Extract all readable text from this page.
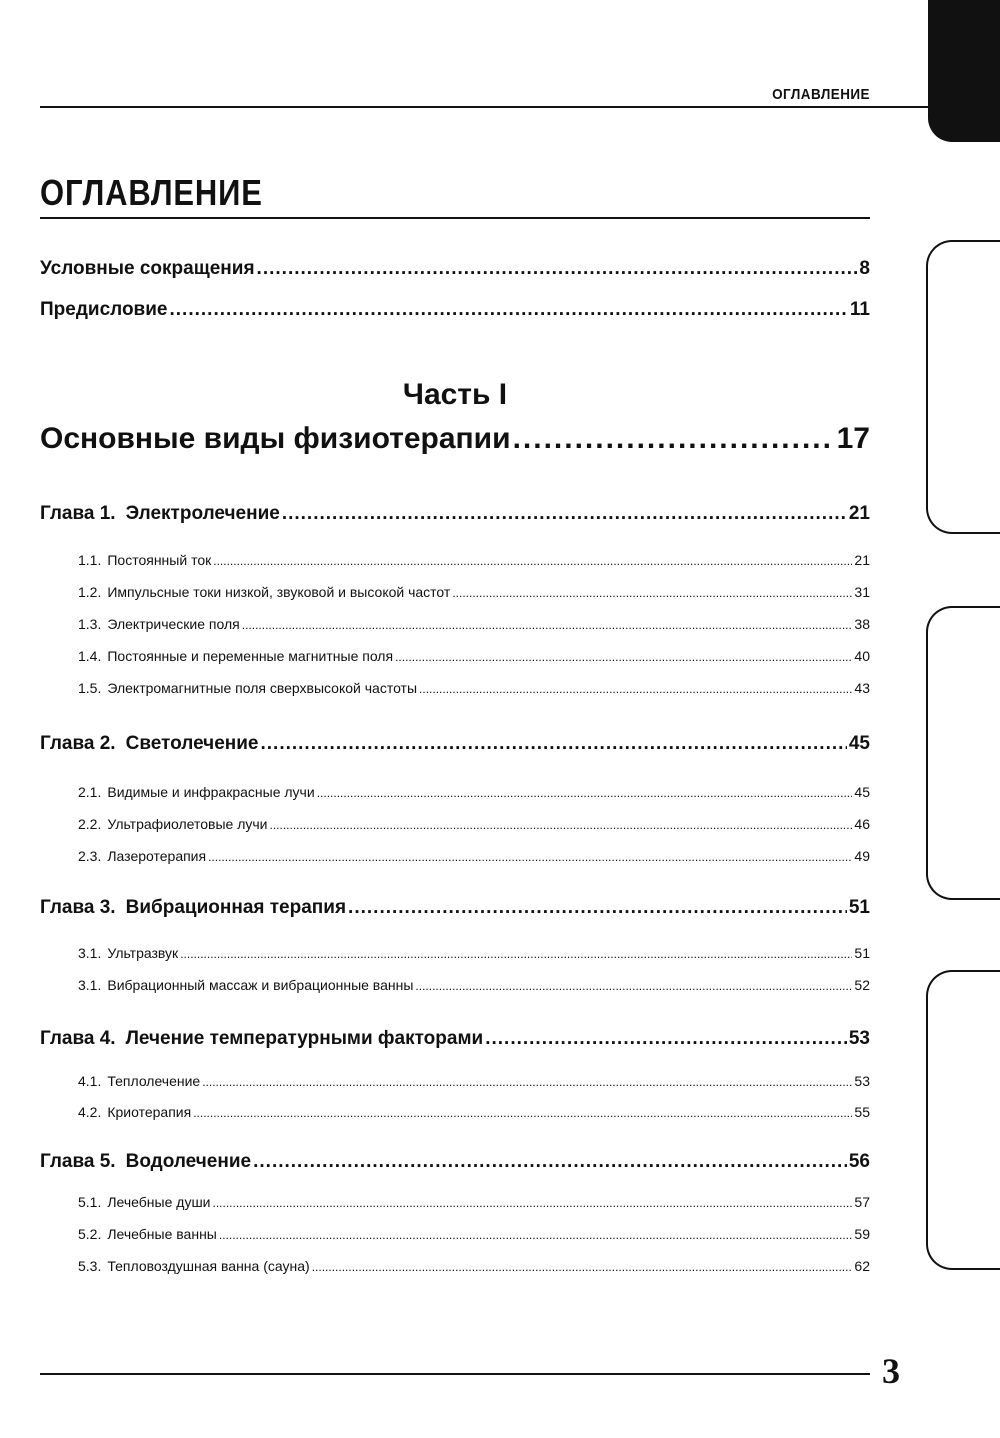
ОГЛАВЛЕНИЕ
ОГЛАВЛЕНИЕ
Условные сокращения .....	8
Предисловие .....	11
Часть I
Основные виды физиотерапии .....	17
Глава 1. Электролечение .....	21
1.1. Постоянный ток .....	21
1.2. Импульсные токи низкой, звуковой и высокой частот .....	31
1.3. Электрические поля .....	38
1.4. Постоянные и переменные магнитные поля .....	40
1.5. Электромагнитные поля сверхвысокой частоты .....	43
Глава 2. Светолечение .....	45
2.1. Видимые и инфракрасные лучи .....	45
2.2. Ультрафиолетовые лучи .....	46
2.3. Лазеротерапия .....	49
Глава 3. Вибрационная терапия .....	51
3.1. Ультразвук .....	51
3.1. Вибрационный массаж и вибрационные ванны .....	52
Глава 4. Лечение температурными факторами .....	53
4.1. Теплолечение .....	53
4.2. Криотерапия .....	55
Глава 5. Водолечение .....	56
5.1. Лечебные души .....	57
5.2. Лечебные ванны .....	59
5.3. Тепловоздушная ванна (сауна) .....	62
3
